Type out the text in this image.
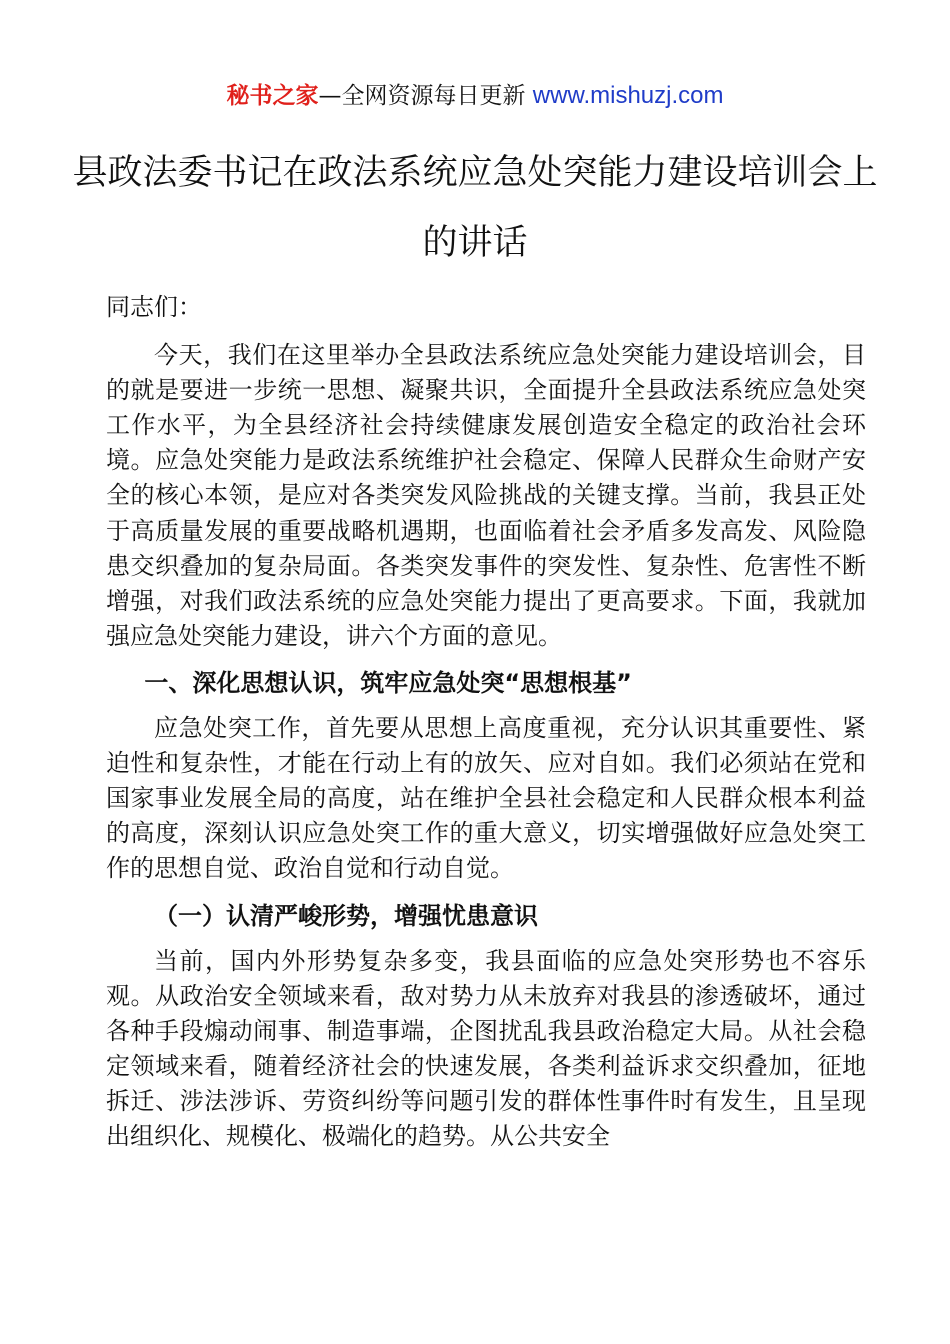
秘书之家—全网资源每日更新 www.mishuzj.com
县政法委书记在政法系统应急处突能力建设培训会上的讲话

同志们：

今天，我们在这里举办全县政法系统应急处突能力建设培训会，目的就是要进一步统一思想、凝聚共识，全面提升全县政法系统应急处突工作水平，为全县经济社会持续健康发展创造安全稳定的政治社会环境。应急处突能力是政法系统维护社会稳定、保障人民群众生命财产安全的核心本领，是应对各类突发风险挑战的关键支撑。当前，我县正处于高质量发展的重要战略机遇期，也面临着社会矛盾多发高发、风险隐患交织叠加的复杂局面。各类突发事件的突发性、复杂性、危害性不断增强，对我们政法系统的应急处突能力提出了更高要求。下面，我就加强应急处突能力建设，讲六个方面的意见。

一、深化思想认识，筑牢应急处突“思想根基”

应急处突工作，首先要从思想上高度重视，充分认识其重要性、紧迫性和复杂性，才能在行动上有的放矢、应对自如。我们必须站在党和国家事业发展全局的高度，站在维护全县社会稳定和人民群众根本利益的高度，深刻认识应急处突工作的重大意义，切实增强做好应急处突工作的思想自觉、政治自觉和行动自觉。

（一）认清严峻形势，增强忧患意识

当前，国内外形势复杂多变，我县面临的应急处突形势也不容乐观。从政治安全领域来看，敌对势力从未放弃对我县的渗透破坏，通过各种手段煽动闹事、制造事端，企图扰乱我县政治稳定大局。从社会稳定领域来看，随着经济社会的快速发展，各类利益诉求交织叠加，征地拆迁、涉法涉诉、劳资纠纷等问题引发的群体性事件时有发生，且呈现出组织化、规模化、极端化的趋势。从公共安全
